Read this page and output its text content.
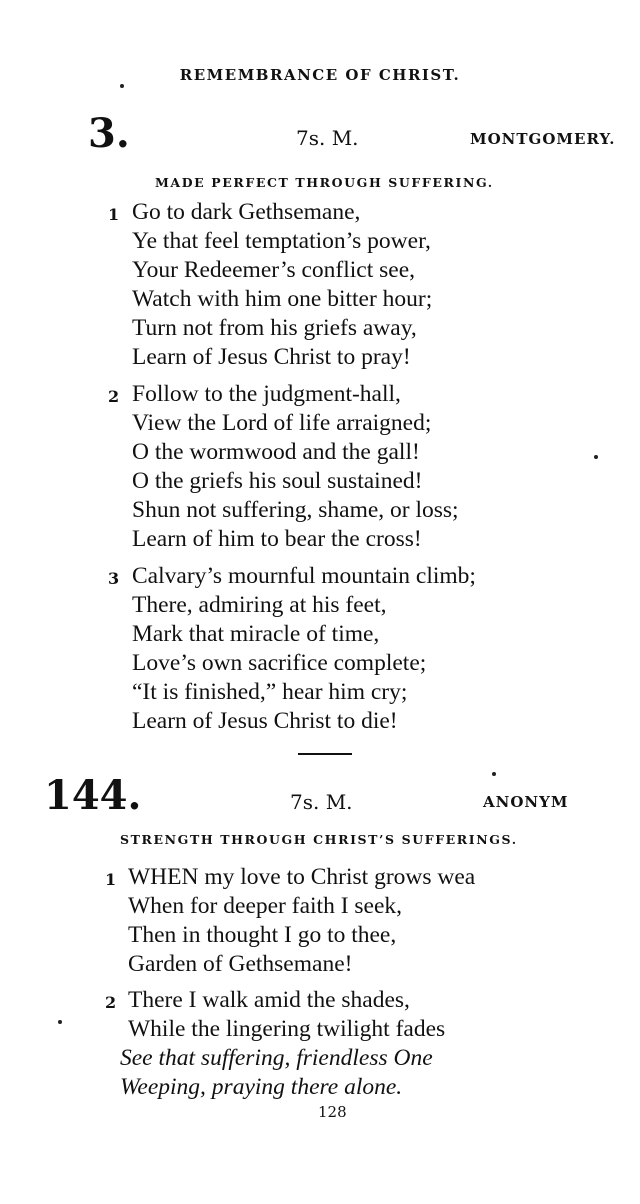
REMEMBRANCE OF CHRIST.
3.	7s. M.	MONTGOMERY.
MADE PERFECT THROUGH SUFFERING.
1 Go to dark Gethsemane,
Ye that feel temptation’s power,
Your Redeemer’s conflict see,
Watch with him one bitter hour;
Turn not from his griefs away,
Learn of Jesus Christ to pray!
2 Follow to the judgment-hall,
View the Lord of life arraigned;
O the wormwood and the gall!
O the griefs his soul sustained!
Shun not suffering, shame, or loss;
Learn of him to bear the cross!
3 Calvary’s mournful mountain climb;
There, admiring at his feet,
Mark that miracle of time,
Love’s own sacrifice complete;
“It is finished,” hear him cry;
Learn of Jesus Christ to die!
144.	7s. M.	ANONYM
STRENGTH THROUGH CHRIST’S SUFFERINGS.
1 WHEN my love to Christ grows wea
When for deeper faith I seek,
Then in thought I go to thee,
Garden of Gethsemane!
2 There I walk amid the shades,
While the lingering twilight fades
See that suffering, friendless One
Weeping, praying there alone.
128
